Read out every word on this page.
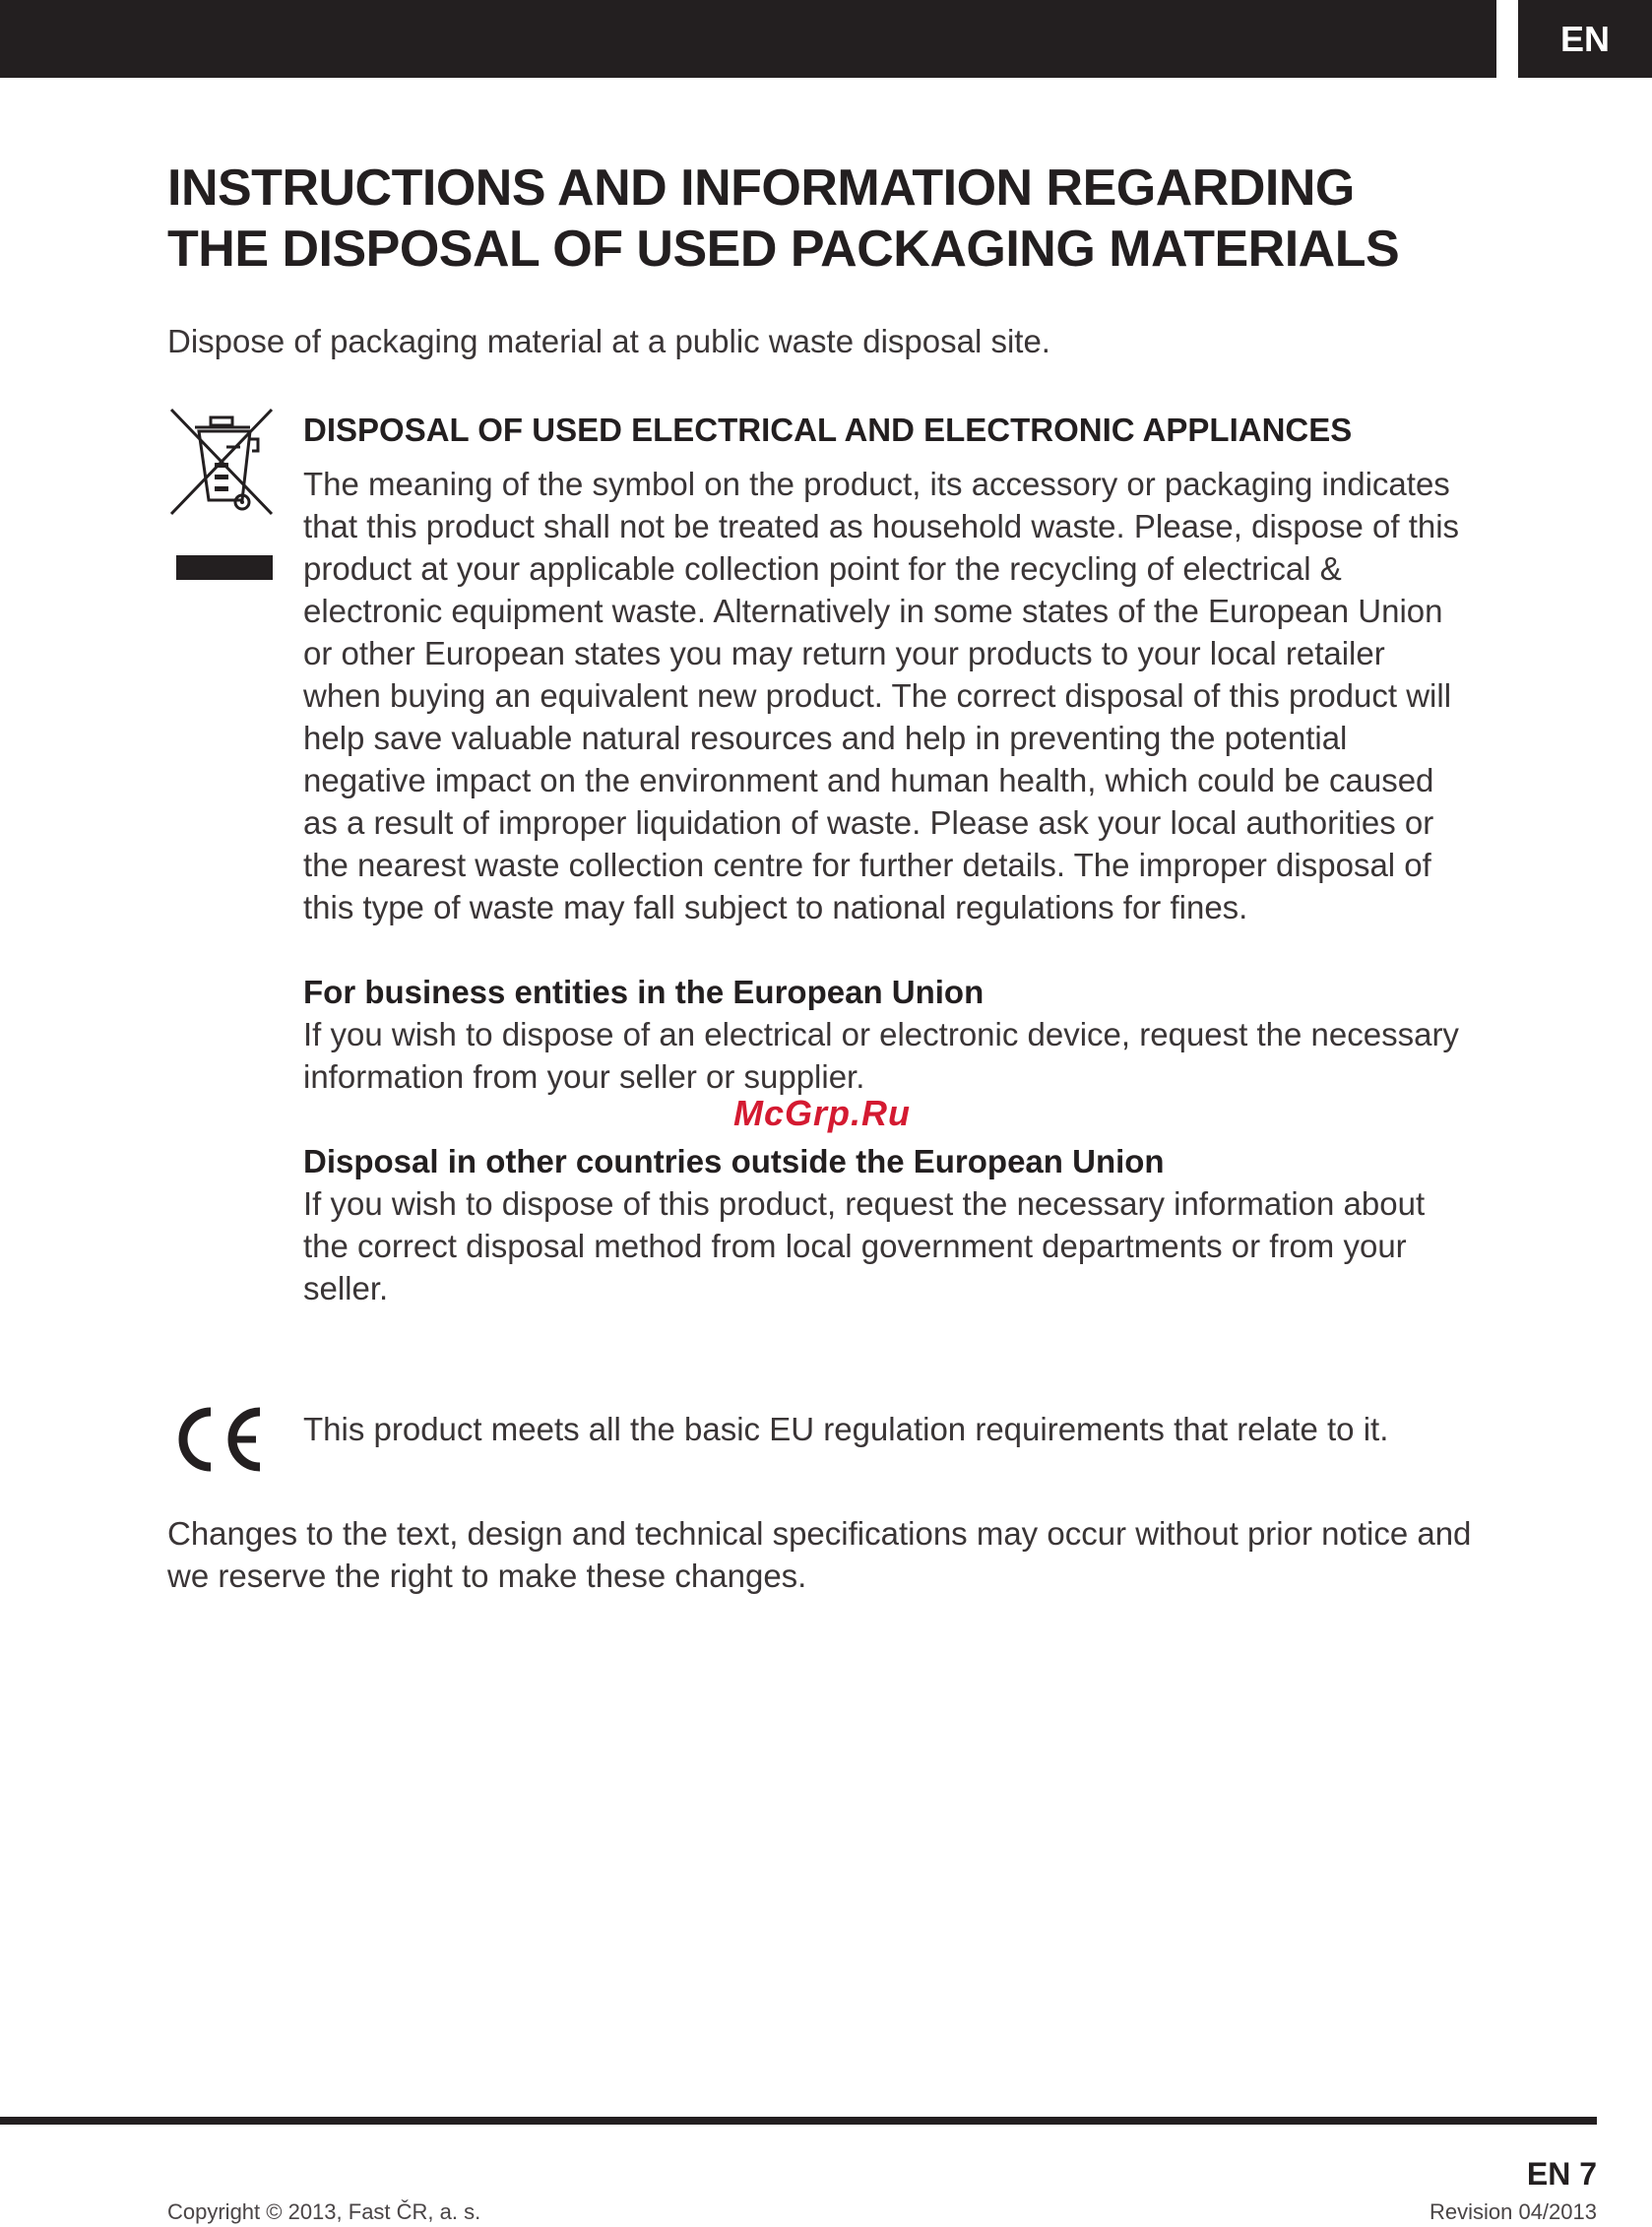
EN
INSTRUCTIONS AND INFORMATION REGARDING
THE DISPOSAL OF USED PACKAGING MATERIALS

Dispose of packaging material at a public waste disposal site.

DISPOSAL OF USED ELECTRICAL AND ELECTRONIC APPLIANCES

The meaning of the symbol on the product, its accessory or packaging indicates that this product shall not be treated as household waste. Please, dispose of this product at your applicable collection point for the recycling of electrical & electronic equipment waste. Alternatively in some states of the European Union or other European states you may return your products to your local retailer when buying an equivalent new product. The correct disposal of this product will help save valuable natural resources and help in preventing the potential negative impact on the environment and human health, which could be caused as a result of improper liquidation of waste. Please ask your local authorities or the nearest waste collection centre for further details. The improper disposal of this type of waste may fall subject to national regulations for fines.

For business entities in the European Union

If you wish to dispose of an electrical or electronic device, request the necessary information from your seller or supplier.

Disposal in other countries outside the European Union

If you wish to dispose of this product, request the necessary information about the correct disposal method from local government departments or from your seller.

This product meets all the basic EU regulation requirements that relate to it.

Changes to the text, design and technical specifications may occur without prior notice and we reserve the right to make these changes.

McGrp.Ru
EN 7
Copyright © 2013, Fast ČR, a. s.	Revision 04/2013
